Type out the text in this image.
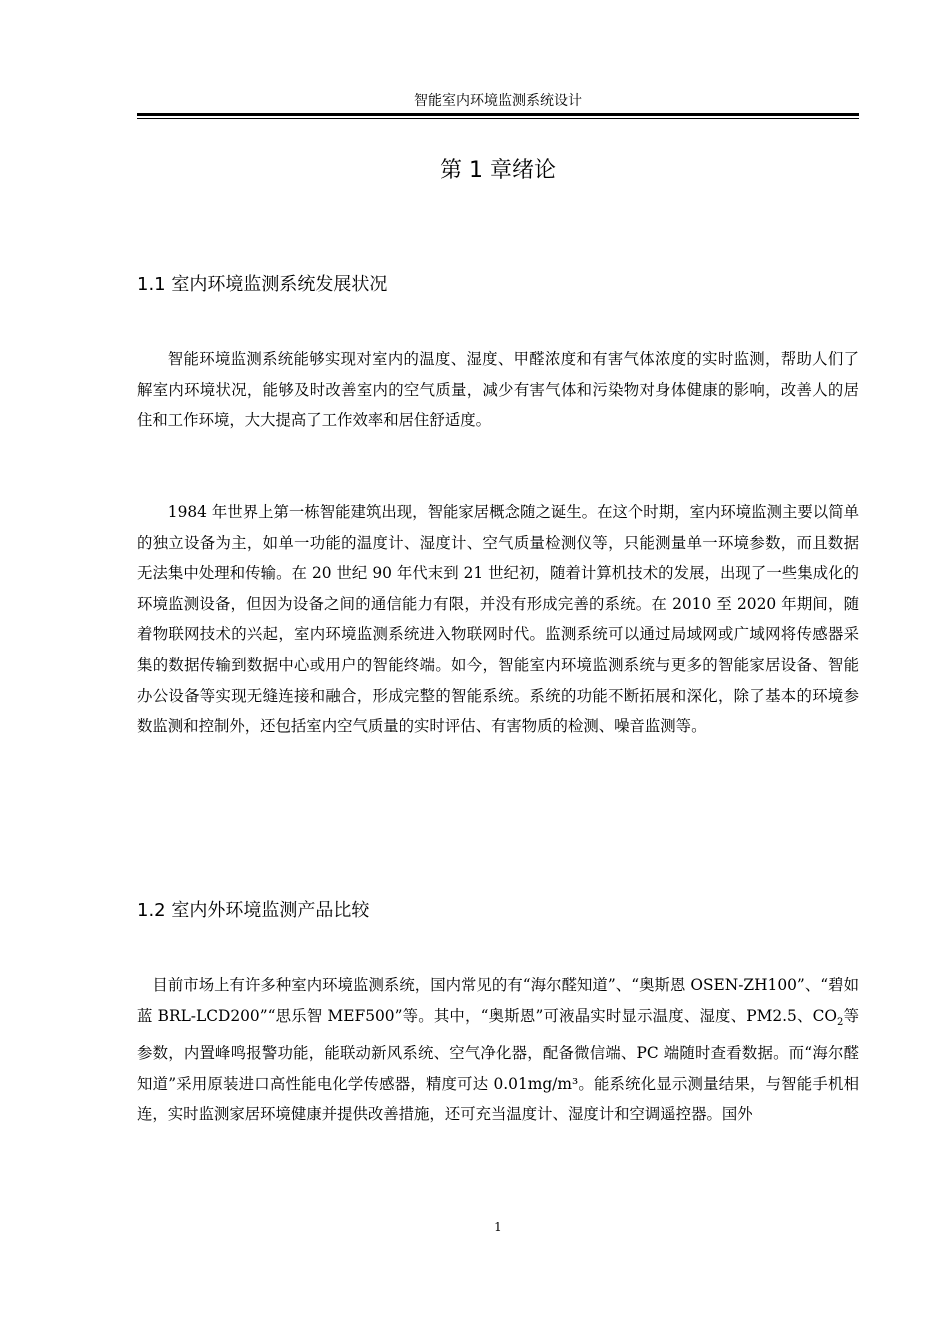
智能室内环境监测系统设计
第 1 章绪论
1.1 室内环境监测系统发展状况
智能环境监测系统能够实现对室内的温度、湿度、甲醛浓度和有害气体浓度的实时监测，帮助人们了解室内环境状况，能够及时改善室内的空气质量，减少有害气体和污染物对身体健康的影响，改善人的居住和工作环境，大大提高了工作效率和居住舒适度。
1984 年世界上第一栋智能建筑出现，智能家居概念随之诞生。在这个时期，室内环境监测主要以简单的独立设备为主，如单一功能的温度计、湿度计、空气质量检测仪等，只能测量单一环境参数，而且数据无法集中处理和传输。在 20 世纪 90 年代末到 21 世纪初，随着计算机技术的发展，出现了一些集成化的环境监测设备，但因为设备之间的通信能力有限，并没有形成完善的系统。在 2010 至 2020 年期间，随着物联网技术的兴起，室内环境监测系统进入物联网时代。监测系统可以通过局域网或广域网将传感器采集的数据传输到数据中心或用户的智能终端。如今，智能室内环境监测系统与更多的智能家居设备、智能办公设备等实现无缝连接和融合，形成完整的智能系统。系统的功能不断拓展和深化，除了基本的环境参数监测和控制外，还包括室内空气质量的实时评估、有害物质的检测、噪音监测等。
1.2 室内外环境监测产品比较
目前市场上有许多种室内环境监测系统，国内常见的有“海尔醛知道”、“奥斯恩 OSEN-ZH100”、“碧如蓝 BRL-LCD200”“思乐智 MEF500”等。其中，“奥斯恩”可液晶实时显示温度、湿度、PM2.5、$CO_2$等参数，内置峰鸣报警功能，能联动新风系统、空气净化器，配备微信端、PC 端随时查看数据。而“海尔醛知道”采用原装进口高性能电化学传感器，精度可达 0.01mg/m³。能系统化显示测量结果，与智能手机相连，实时监测家居环境健康并提供改善措施，还可充当温度计、湿度计和空调遥控器。国外
1
